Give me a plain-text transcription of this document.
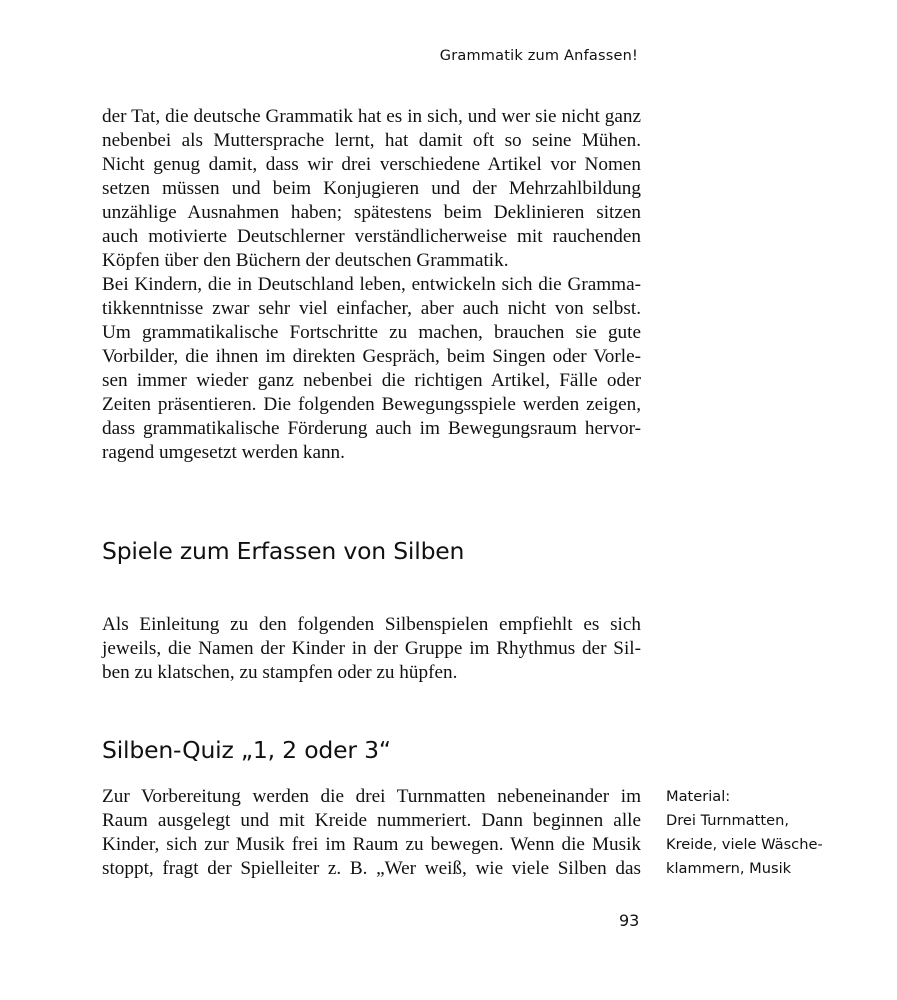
Grammatik zum Anfassen!
der Tat, die deutsche Grammatik hat es in sich, und wer sie nicht ganz
nebenbei als Muttersprache lernt, hat damit oft so seine Mühen.
Nicht genug damit, dass wir drei verschiedene Artikel vor Nomen
setzen müssen und beim Konjugieren und der Mehrzahlbildung
unzählige Ausnahmen haben; spätestens beim Deklinieren sitzen
auch motivierte Deutschlerner verständlicherweise mit rauchenden
Köpfen über den Büchern der deutschen Grammatik.
Bei Kindern, die in Deutschland leben, entwickeln sich die Gramma-
tikkenntnisse zwar sehr viel einfacher, aber auch nicht von selbst.
Um grammatikalische Fortschritte zu machen, brauchen sie gute
Vorbilder, die ihnen im direkten Gespräch, beim Singen oder Vorle-
sen immer wieder ganz nebenbei die richtigen Artikel, Fälle oder
Zeiten präsentieren. Die folgenden Bewegungsspiele werden zeigen,
dass grammatikalische Förderung auch im Bewegungsraum hervor-
ragend umgesetzt werden kann.
Spiele zum Erfassen von Silben
Als Einleitung zu den folgenden Silbenspielen empfiehlt es sich
jeweils, die Namen der Kinder in der Gruppe im Rhythmus der Sil-
ben zu klatschen, zu stampfen oder zu hüpfen.
Silben-Quiz „1, 2 oder 3“
Zur Vorbereitung werden die drei Turnmatten nebeneinander im
Raum ausgelegt und mit Kreide nummeriert. Dann beginnen alle
Kinder, sich zur Musik frei im Raum zu bewegen. Wenn die Musik
stoppt, fragt der Spielleiter z. B. „Wer weiß, wie viele Silben das
Material:
Drei Turnmatten,
Kreide, viele Wäsche-
klammern, Musik
93
